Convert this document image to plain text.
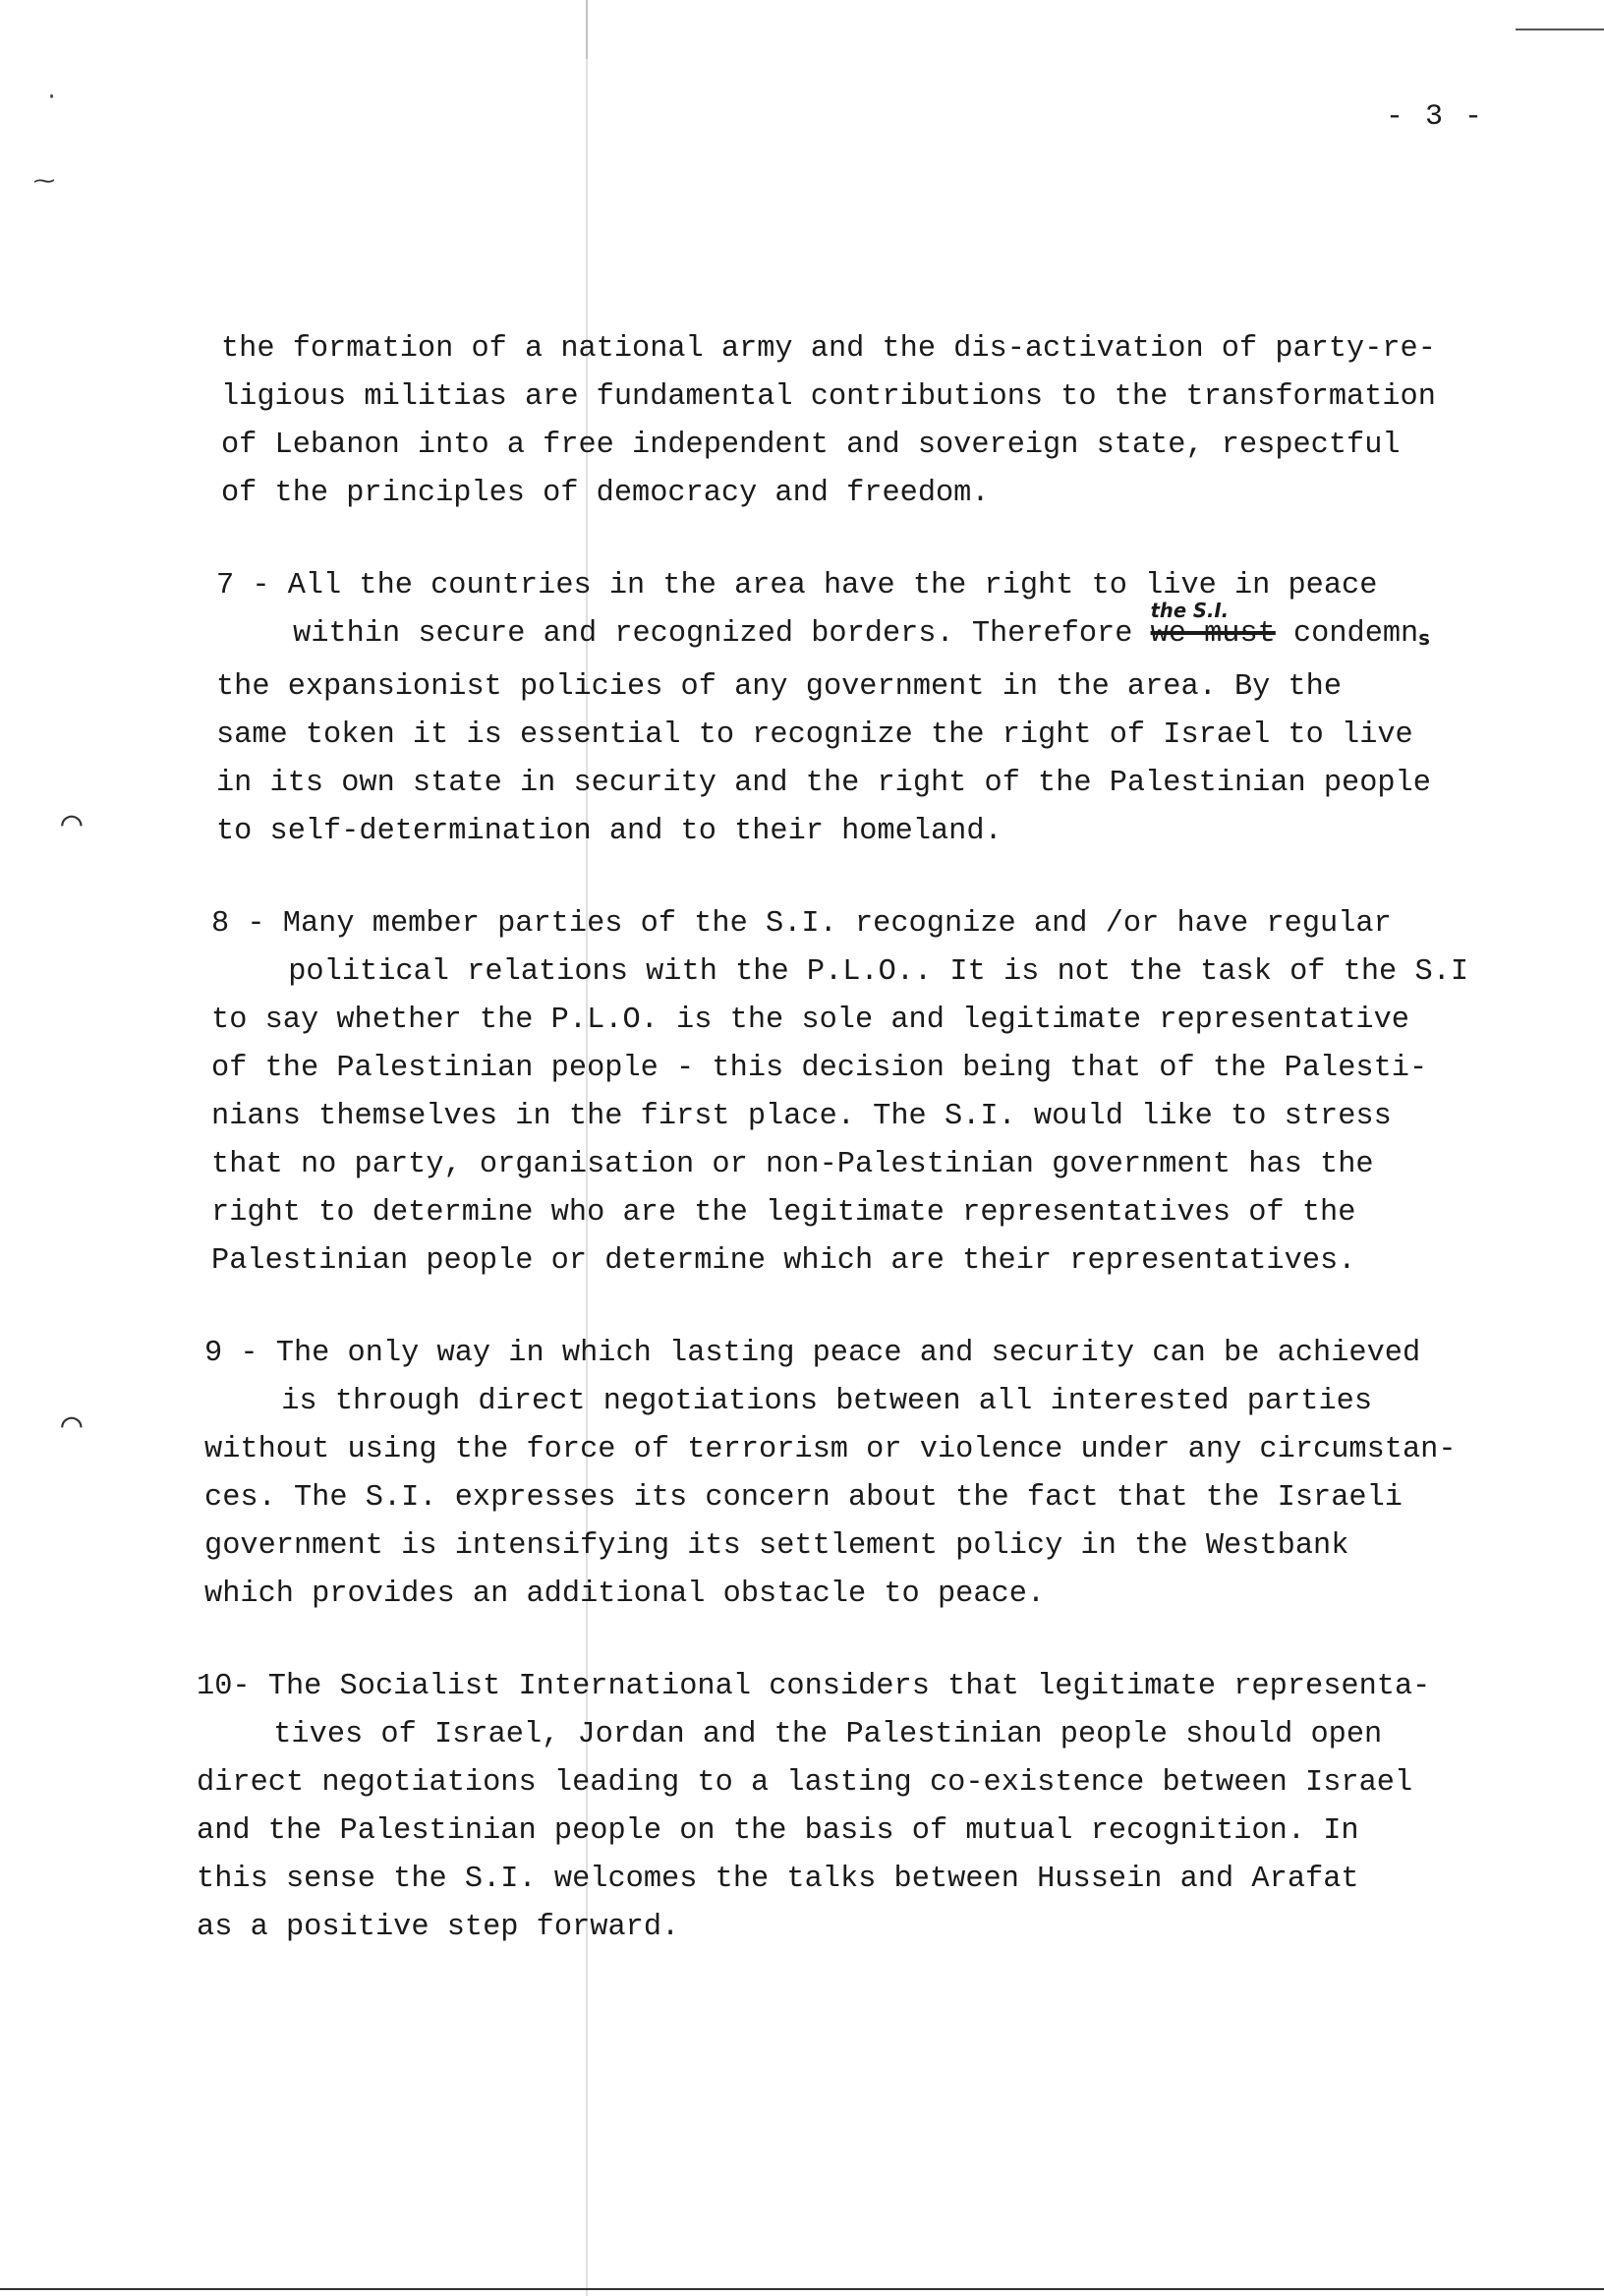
·
⁓
⌒
⌒
- 3 -
the formation of a national army and the dis-activation of party-re-
ligious militias are fundamental contributions to the transformation
of Lebanon into a free independent and sovereign state, respectful
of the principles of democracy and freedom.
7 - All the countries in the area have the right to live in peace
within secure and recognized borders. Therefore we must
the S.I.
condemns
the expansionist policies of any government in the area. By the
same token it is essential to recognize the right of Israel to live
in its own state in security and the right of the Palestinian people
to self-determination and to their homeland.
8 - Many member parties of the S.I. recognize and /or have regular
political relations with the P.L.O.. It is not the task of the S.I
to say whether the P.L.O. is the sole and legitimate representative
of the Palestinian people - this decision being that of the Palesti-
nians themselves in the first place. The S.I. would like to stress
that no party, organisation or non-Palestinian government has the
right to determine who are the legitimate representatives of the
Palestinian people or determine which are their representatives.
9 - The only way in which lasting peace and security can be achieved
is through direct negotiations between all interested parties
without using the force of terrorism or violence under any circumstan-
ces. The S.I. expresses its concern about the fact that the Israeli
government is intensifying its settlement policy in the Westbank
which provides an additional obstacle to peace.
10- The Socialist International considers that legitimate representa-
tives of Israel, Jordan and the Palestinian people should open
direct negotiations leading to a lasting co-existence between Israel
and the Palestinian people on the basis of mutual recognition. In
this sense the S.I. welcomes the talks between Hussein and Arafat
as a positive step forward.
